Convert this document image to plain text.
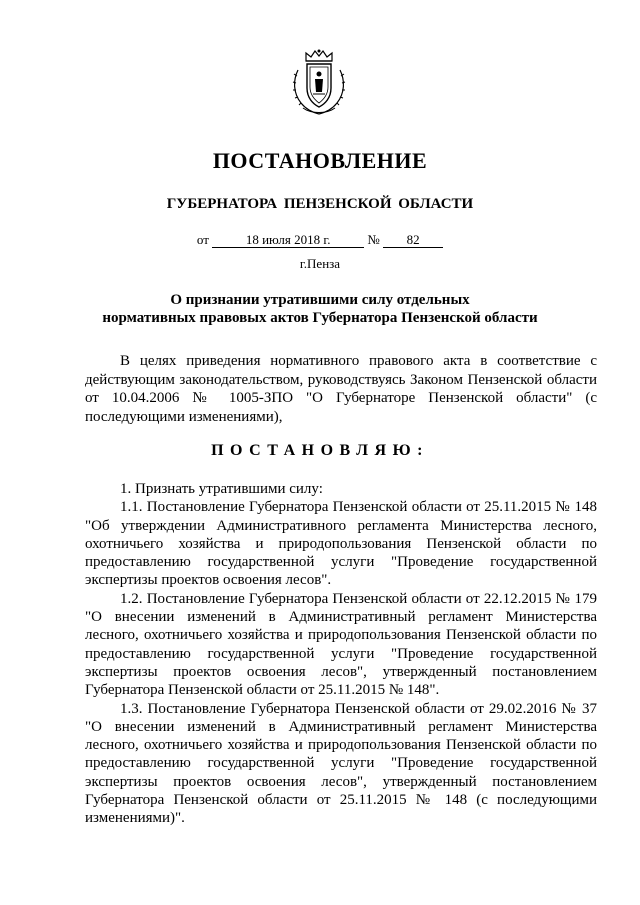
ПОСТАНОВЛЕНИЕ
ГУБЕРНАТОРА ПЕНЗЕНСКОЙ ОБЛАСТИ
от	18 июля 2018 г.	№ 82
г.Пенза
О признании утратившими силу отдельных
нормативных правовых актов Губернатора Пензенской области

В целях приведения нормативного правового акта в соответствие с действующим законодательством, руководствуясь Законом Пензенской области от 10.04.2006 № 1005-ЗПО "О Губернаторе Пензенской области" (с последующими изменениями),

ПОСТАНОВЛЯЮ:

1. Признать утратившими силу:

1.1. Постановление Губернатора Пензенской области от 25.11.2015 № 148 "Об утверждении Административного регламента Министерства лесного, охотничьего хозяйства и природопользования Пензенской области по предоставлению государственной услуги "Проведение государственной экспертизы проектов освоения лесов".

1.2. Постановление Губернатора Пензенской области от 22.12.2015 № 179 "О внесении изменений в Административный регламент Министерства лесного, охотничьего хозяйства и природопользования Пензенской области по предоставлению государственной услуги "Проведение государственной экспертизы проектов освоения лесов", утвержденный постановлением Губернатора Пензенской области от 25.11.2015 № 148".

1.3. Постановление Губернатора Пензенской области от 29.02.2016 № 37 "О внесении изменений в Административный регламент Министерства лесного, охотничьего хозяйства и природопользования Пензенской области по предоставлению государственной услуги "Проведение государственной экспертизы проектов освоения лесов", утвержденный постановлением Губернатора Пензенской области от 25.11.2015 № 148 (с последующими изменениями)".
